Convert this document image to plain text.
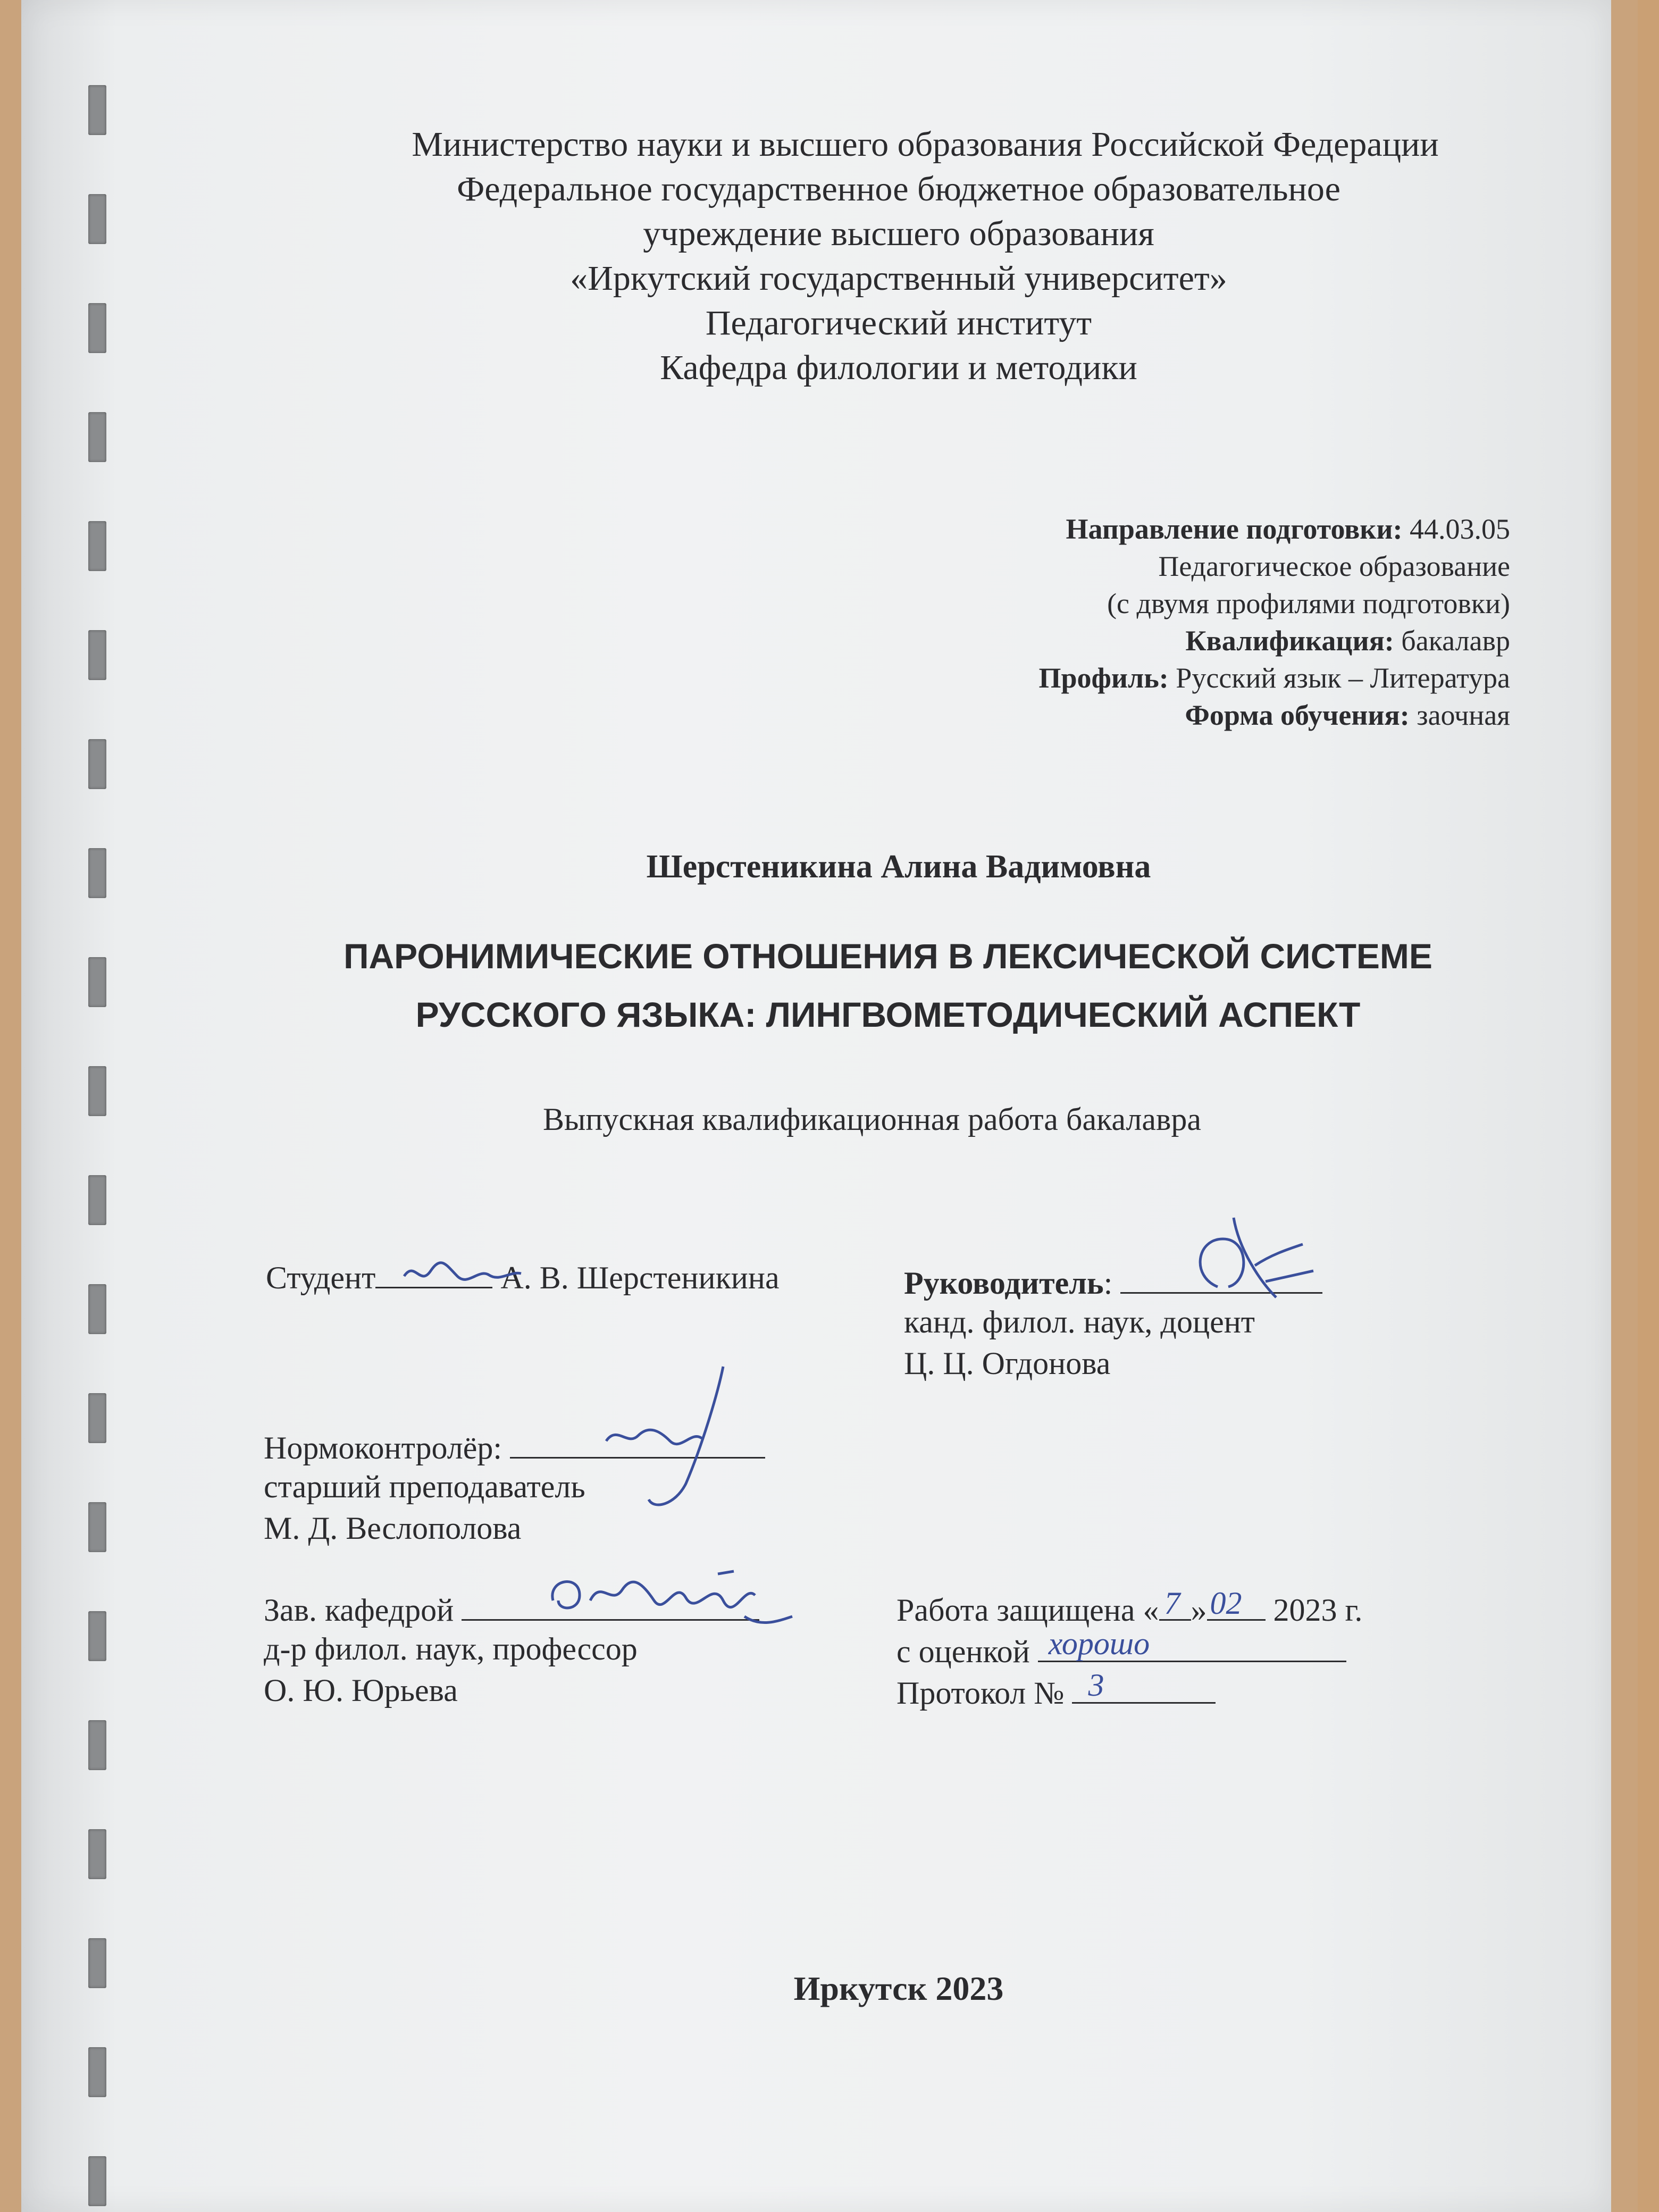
Министерство науки и высшего образования Российской Федерации
Федеральное государственное бюджетное образовательное
учреждение высшего образования
«Иркутский государственный университет»
Педагогический институт
Кафедра филологии и методики
Направление подготовки: 44.03.05
Педагогическое образование
(с двумя профилями подготовки)
Квалификация: бакалавр
Профиль: Русский язык – Литература
Форма обучения: заочная
Шерстеникина Алина Вадимовна
ПАРОНИМИЧЕСКИЕ ОТНОШЕНИЯ В ЛЕКСИЧЕСКОЙ СИСТЕМЕ
РУССКОГО ЯЗЫКА: ЛИНГВОМЕТОДИЧЕСКИЙ АСПЕКТ
Выпускная квалификационная работа бакалавра
Студент	А. В. Шерстеникина	Руководитель:
канд. филол. наук, доцент
Ц. Ц. Огдонова
Нормоконтролёр:
старший преподаватель
М. Д. Веслополова
Зав. кафедрой
д-р филол. наук, профессор
О. Ю. Юрьева
Работа защищена « 7 » 02 2023 г.
с оценкой хорошо
Протокол № 3
Иркутск 2023
